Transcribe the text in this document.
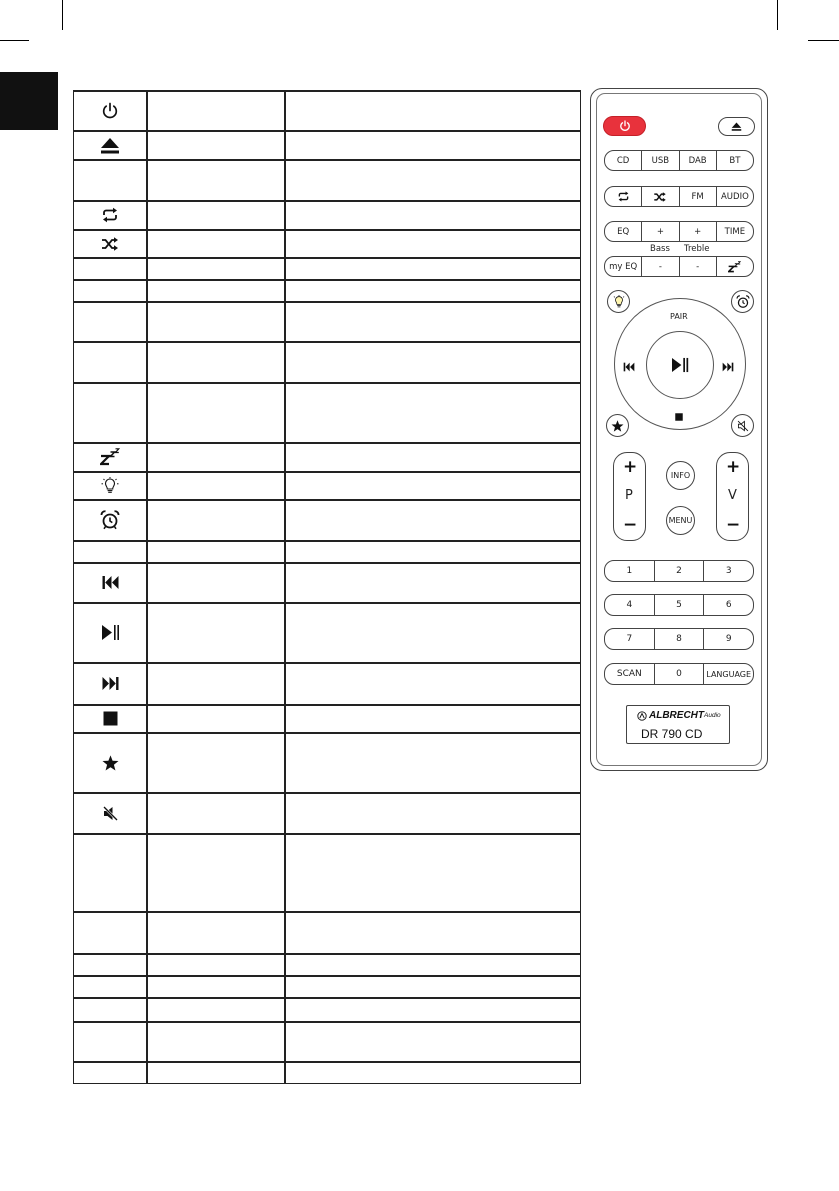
CD	USB	DAB	BT
FM	AUDIO
EQ	+	+	TIME
Bass Treble
my EQ	-	-
PAIR
+
P
−
+
V
−
INFO
MENU
1	2	3
4	5	6
7	8	9
SCAN	0	LANGUAGE
ALBRECHT Audio
DR 790 CD
